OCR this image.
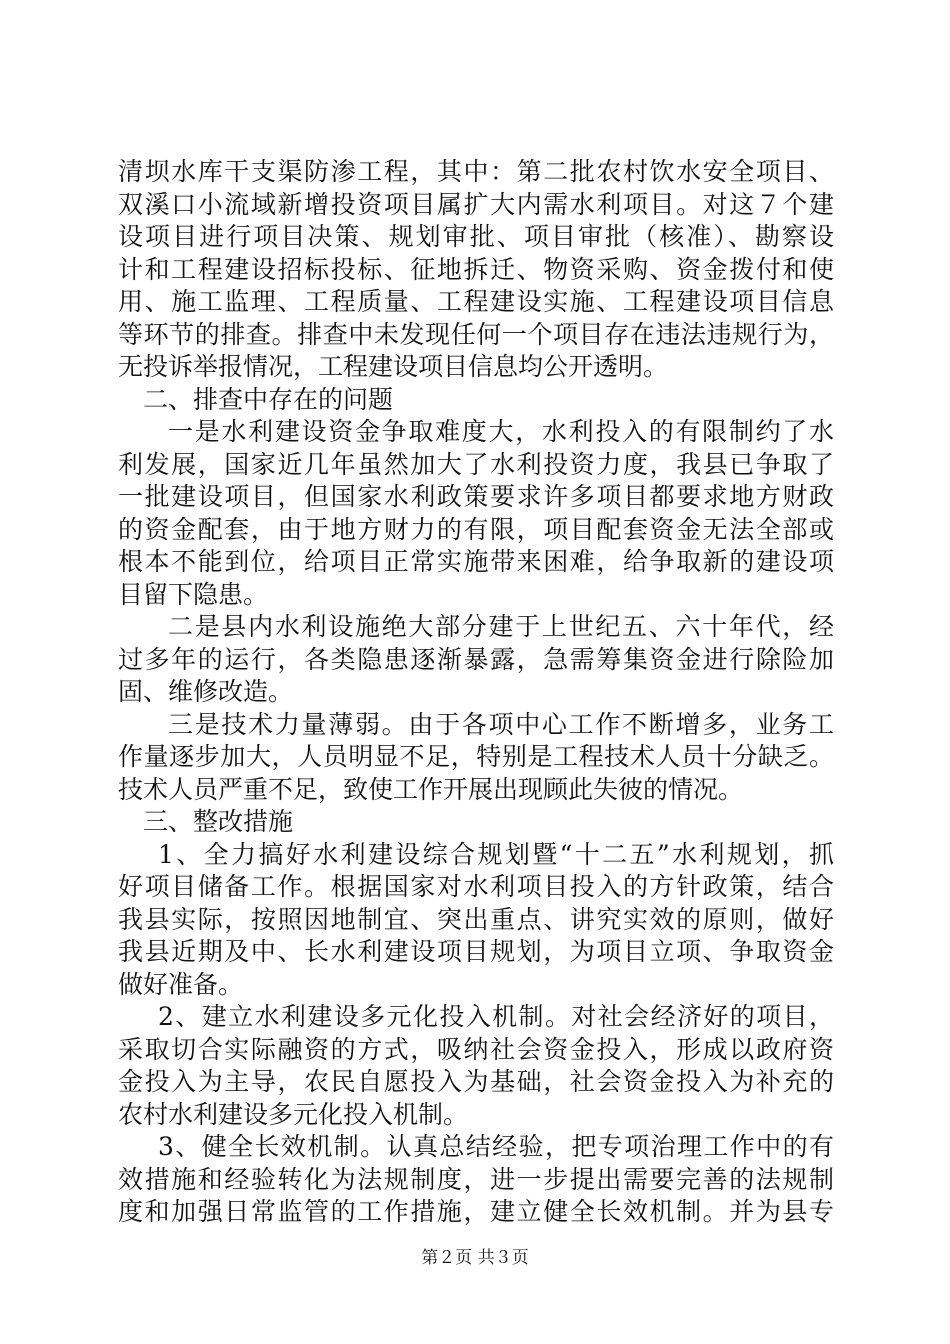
清坝水库干支渠防渗工程，其中：第二批农村饮水安全项目、
双溪口小流域新增投资项目属扩大内需水利项目。对这７个建
设项目进行项目决策、规划审批、项目审批（核准）、勘察设
计和工程建设招标投标、征地拆迁、物资采购、资金拨付和使
用、施工监理、工程质量、工程建设实施、工程建设项目信息
等环节的排查。排查中未发现任何一个项目存在违法违规行为，
无投诉举报情况，工程建设项目信息均公开透明。
二、排查中存在的问题
一是水利建设资金争取难度大，水利投入的有限制约了水
利发展，国家近几年虽然加大了水利投资力度，我县已争取了
一批建设项目，但国家水利政策要求许多项目都要求地方财政
的资金配套，由于地方财力的有限，项目配套资金无法全部或
根本不能到位，给项目正常实施带来困难，给争取新的建设项
目留下隐患。
二是县内水利设施绝大部分建于上世纪五、六十年代，经
过多年的运行，各类隐患逐渐暴露，急需筹集资金进行除险加
固、维修改造。
三是技术力量薄弱。由于各项中心工作不断增多，业务工
作量逐步加大，人员明显不足，特别是工程技术人员十分缺乏。
技术人员严重不足，致使工作开展出现顾此失彼的情况。
三、整改措施
1、全力搞好水利建设综合规划暨“十二五”水利规划，抓
好项目储备工作。根据国家对水利项目投入的方针政策，结合
我县实际，按照因地制宜、突出重点、讲究实效的原则，做好
我县近期及中、长水利建设项目规划，为项目立项、争取资金
做好准备。
2、建立水利建设多元化投入机制。对社会经济好的项目，
采取切合实际融资的方式，吸纳社会资金投入，形成以政府资
金投入为主导，农民自愿投入为基础，社会资金投入为补充的
农村水利建设多元化投入机制。
3、健全长效机制。认真总结经验，把专项治理工作中的有
效措施和经验转化为法规制度，进一步提出需要完善的法规制
度和加强日常监管的工作措施，建立健全长效机制。并为县专
第２页 共３页
